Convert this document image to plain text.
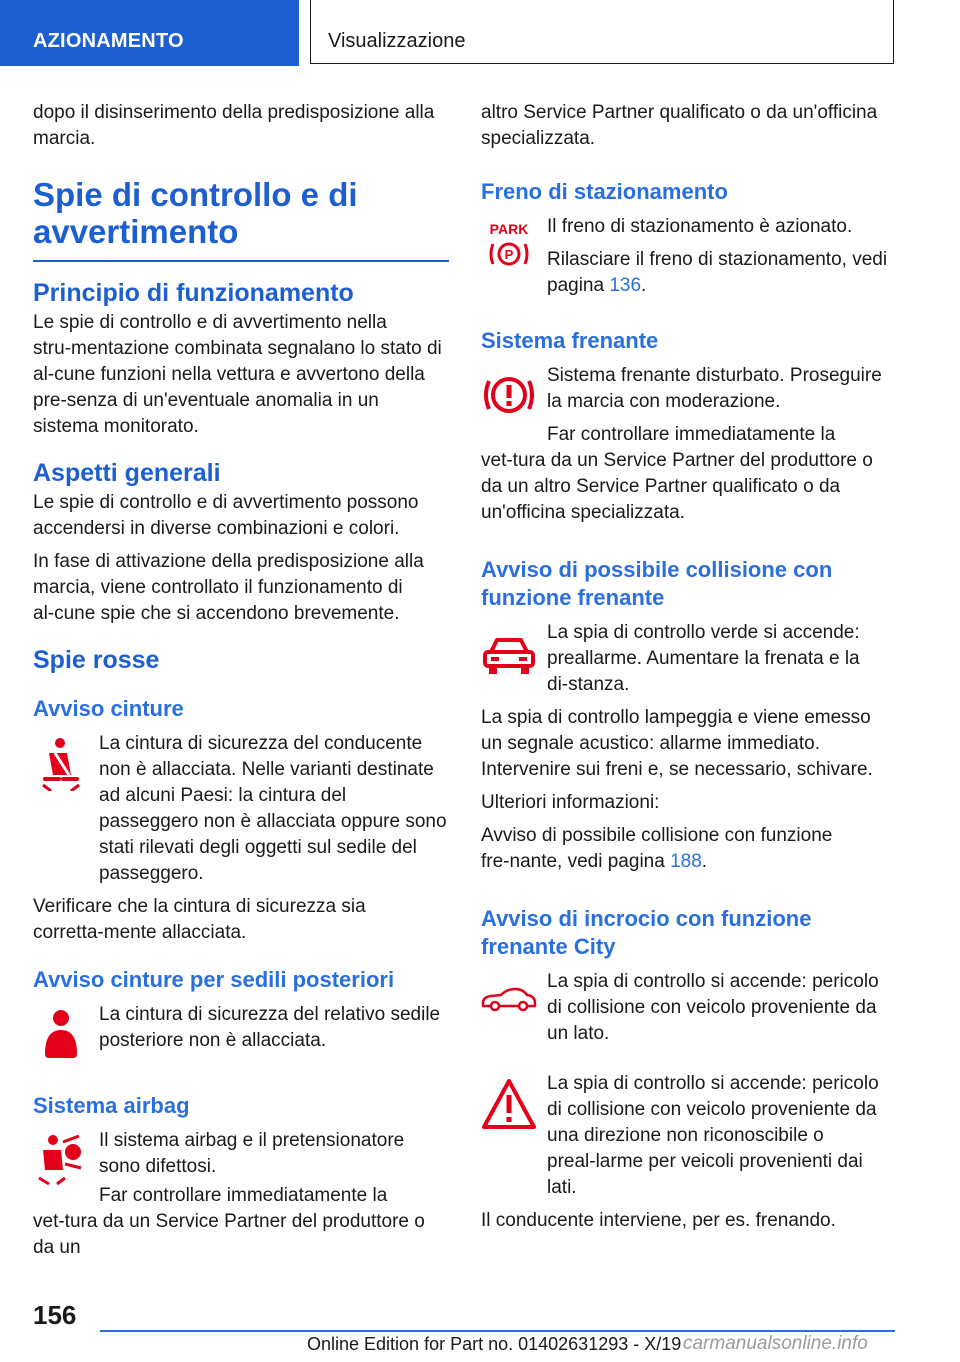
AZIONAMENTO	Visualizzazione

dopo il disinserimento della predisposizione alla marcia.

Spie di controllo e di avvertimento
Principio di funzionamento

Le spie di controllo e di avvertimento nella stru‑mentazione combinata segnalano lo stato di al‑cune funzioni nella vettura e avvertono della pre‑senza di un'eventuale anomalia in un sistema monitorato.

Aspetti generali

Le spie di controllo e di avvertimento possono accendersi in diverse combinazioni e colori.

In fase di attivazione della predisposizione alla marcia, viene controllato il funzionamento di al‑cune spie che si accendono brevemente.

Spie rosse
Avviso cinture

La cintura di sicurezza del conducente non è allacciata. Nelle varianti destinate ad alcuni Paesi: la cintura del passeggero non è allacciata oppure sono stati rilevati degli oggetti sul sedile del passeggero.

Verificare che la cintura di sicurezza sia corretta‑mente allacciata.

Avviso cinture per sedili posteriori

La cintura di sicurezza del relativo sedile posteriore non è allacciata.

Sistema airbag

Il sistema airbag e il pretensionatore sono difettosi.

Far controllare immediatamente la vet‑tura da un Service Partner del produttore o da un

altro Service Partner qualificato o da un'officina specializzata.

Freno di stazionamento
PARK
P

Il freno di stazionamento è azionato.

Rilasciare il freno di stazionamento, vedi pagina 136.

Sistema frenante

Sistema frenante disturbato. Proseguire la marcia con moderazione.

Far controllare immediatamente la vet‑tura da un Service Partner del produttore o da un altro Service Partner qualificato o da un'officina specializzata.

Avviso di possibile collisione con funzione frenante

La spia di controllo verde si accende: preallarme. Aumentare la frenata e la di‑stanza.

La spia di controllo lampeggia e viene emesso un segnale acustico: allarme immediato. Intervenire sui freni e, se necessario, schivare.

Ulteriori informazioni:

Avviso di possibile collisione con funzione fre‑nante, vedi pagina 188.

Avviso di incrocio con funzione frenante City

La spia di controllo si accende: pericolo di collisione con veicolo proveniente da un lato.

La spia di controllo si accende: pericolo di collisione con veicolo proveniente da una direzione non riconoscibile o preal‑larme per veicoli provenienti dai lati.

Il conducente interviene, per es. frenando.

156
Online Edition for Part no. 01402631293 - X/19 carmanualsonline.info
